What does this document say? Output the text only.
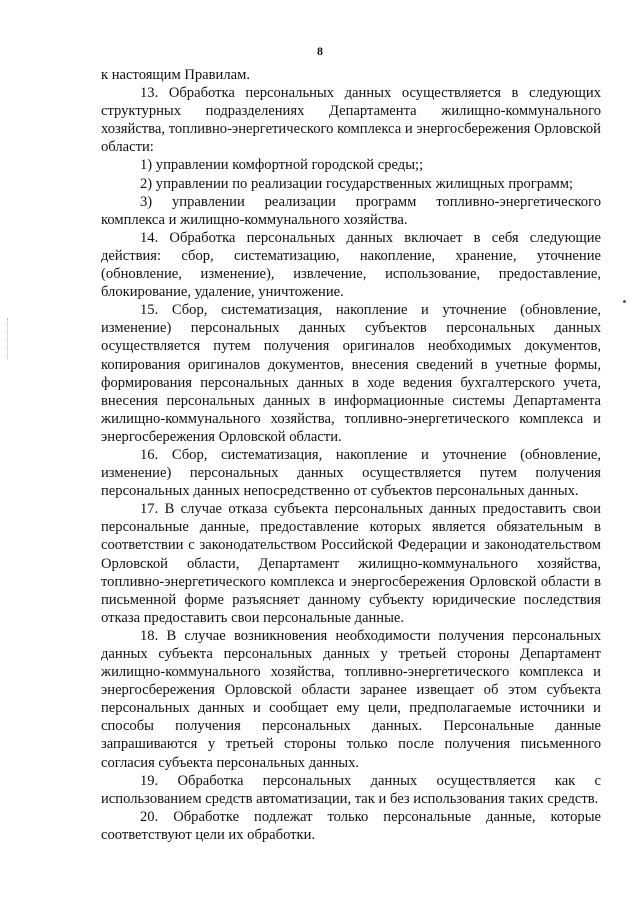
8

к настоящим Правилам.

13. Обработка персональных данных осуществляется в следующих структурных подразделениях Департамента жилищно-коммунального хозяйства, топливно-энергетического комплекса и энергосбережения Орловской области:

1) управлении комфортной городской среды;;

2) управлении по реализации государственных жилищных программ;

3) управлении реализации программ топливно-энергетического комплекса и жилищно-коммунального хозяйства.

14. Обработка персональных данных включает в себя следующие действия: сбор, систематизацию, накопление, хранение, уточнение (обновление, изменение), извлечение, использование, предоставление, блокирование, удаление, уничтожение.

15. Сбор, систематизация, накопление и уточнение (обновление, изменение) персональных данных субъектов персональных данных осуществляется путем получения оригиналов необходимых документов, копирования оригиналов документов, внесения сведений в учетные формы, формирования персональных данных в ходе ведения бухгалтерского учета, внесения персональных данных в информационные системы Департамента жилищно-коммунального хозяйства, топливно-энергетического комплекса и энергосбережения Орловской области.

16. Сбор, систематизация, накопление и уточнение (обновление, изменение) персональных данных осуществляется путем получения персональных данных непосредственно от субъектов персональных данных.

17. В случае отказа субъекта персональных данных предоставить свои персональные данные, предоставление которых является обязательным в соответствии с законодательством Российской Федерации и законодательством Орловской области, Департамент жилищно-коммунального хозяйства, топливно-энергетического комплекса и энергосбережения Орловской области в письменной форме разъясняет данному субъекту юридические последствия отказа предоставить свои персональные данные.

18. В случае возникновения необходимости получения персональных данных субъекта персональных данных у третьей стороны Департамент жилищно-коммунального хозяйства, топливно-энергетического комплекса и энергосбережения Орловской области заранее извещает об этом субъекта персональных данных и сообщает ему цели, предполагаемые источники и способы получения персональных данных. Персональные данные запрашиваются у третьей стороны только после получения письменного согласия субъекта персональных данных.

19. Обработка персональных данных осуществляется как с использованием средств автоматизации, так и без использования таких средств.

20. Обработке подлежат только персональные данные, которые соответствуют цели их обработки.
